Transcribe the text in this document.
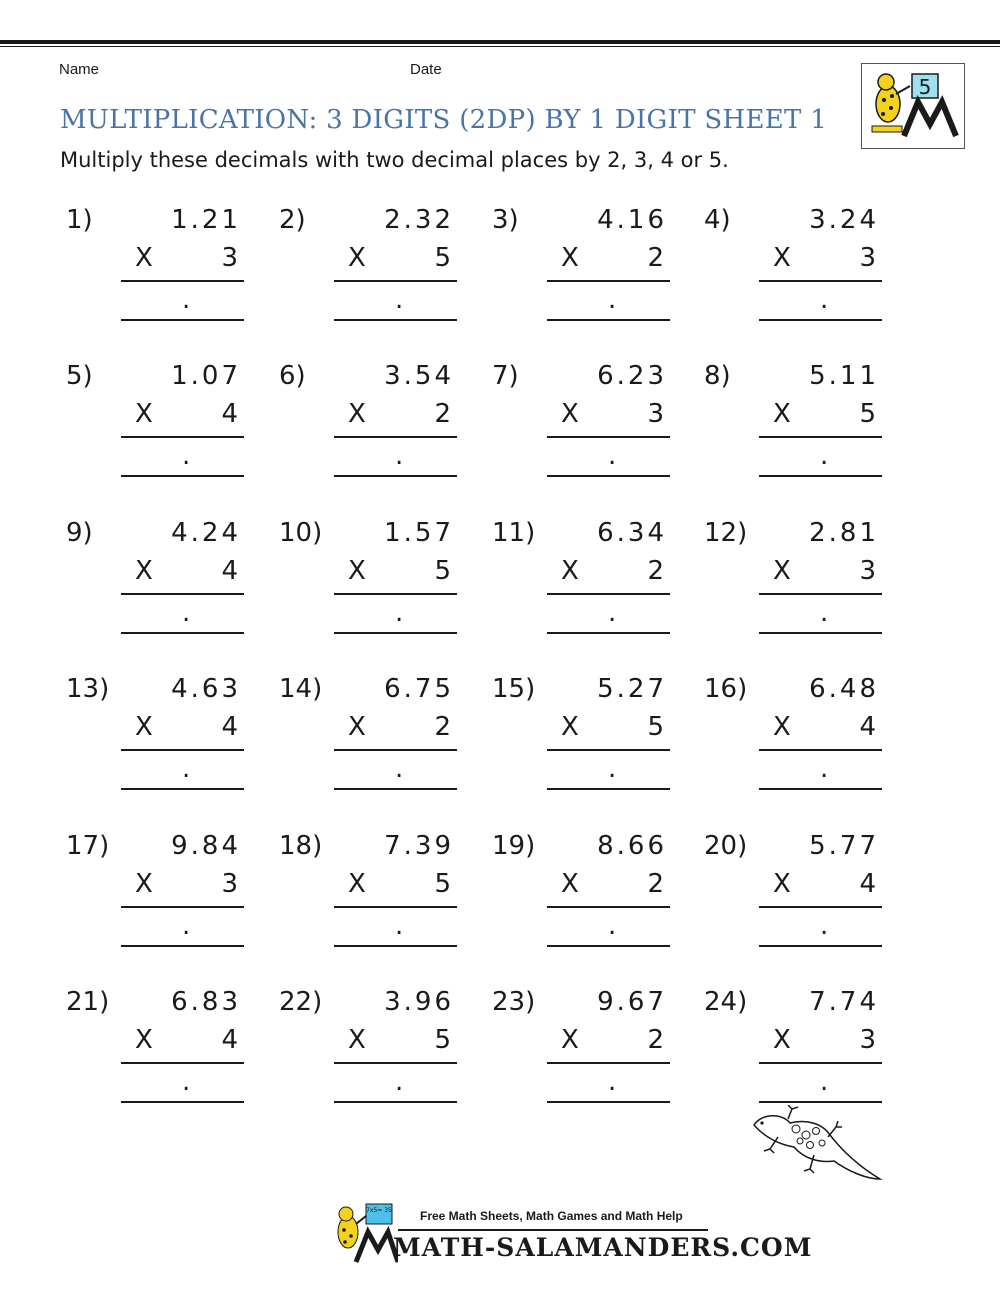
Name	Date
MULTIPLICATION: 3 DIGITS (2DP) BY 1 DIGIT SHEET 1
Multiply these decimals with two decimal places by 2, 3, 4 or 5.
5
1)	1.21
X	3
.
2)	2.32
X	5
.
3)	4.16
X	2
.
4)	3.24
X	3
.
5)	1.07
X	4
.
6)	3.54
X	2
.
7)	6.23
X	3
.
8)	5.11
X	5
.
9)	4.24
X	4
.
10) 1.57
X	5
.
11) 6.34
X	2
.
12) 2.81
X	3
.
13) 4.63
X	4
.
14) 6.75
X	2
.
15) 5.27
X	5
.
16) 6.48
X	4
.
17) 9.84
X	3
.
18) 7.39
X	5
.
19) 8.66
X	2
.
20) 5.77
X	4
.
21) 6.83
X	4
.
22) 3.96
X	5
.
23) 9.67
X	2
.
24) 7.74
X	3
.
7x5= 35 Free Math Sheets, Math Games and Math Help
MATH-SALAMANDERS.COM
